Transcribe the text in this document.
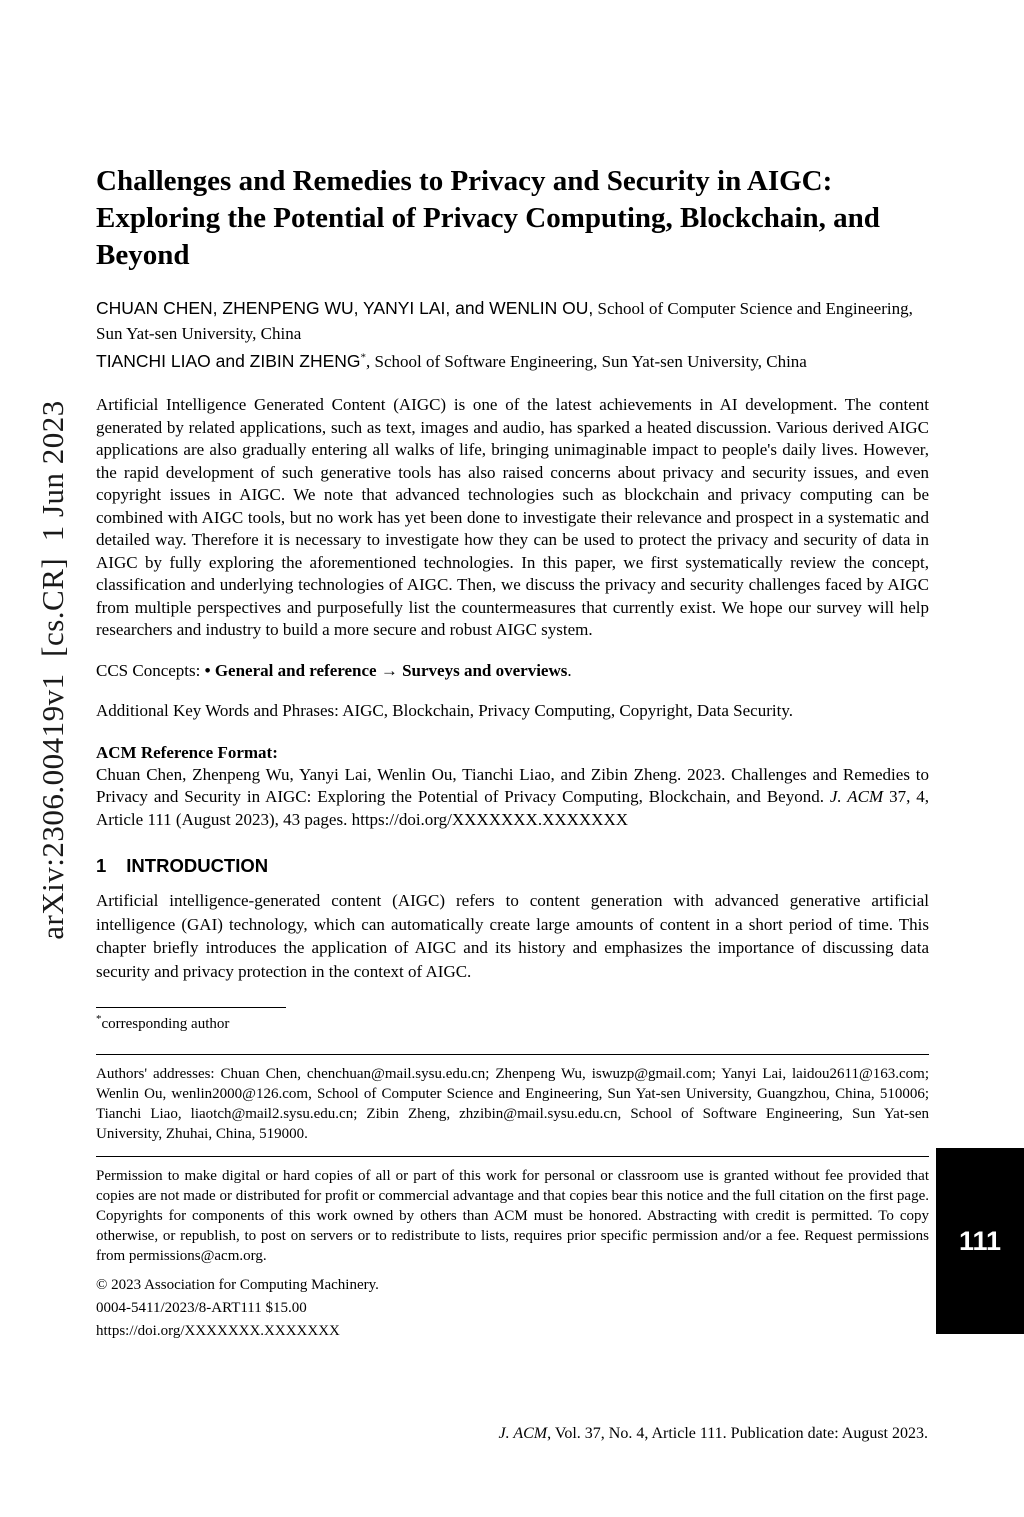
arXiv:2306.00419v1  [cs.CR]  1 Jun 2023
Challenges and Remedies to Privacy and Security in AIGC: Exploring the Potential of Privacy Computing, Blockchain, and Beyond

CHUAN CHEN, ZHENPENG WU, YANYI LAI, and WENLIN OU, School of Computer Science and Engineering, Sun Yat-sen University, China

TIANCHI LIAO and ZIBIN ZHENG*, School of Software Engineering, Sun Yat-sen University, China

Artificial Intelligence Generated Content (AIGC) is one of the latest achievements in AI development. The content generated by related applications, such as text, images and audio, has sparked a heated discussion. Various derived AIGC applications are also gradually entering all walks of life, bringing unimaginable impact to people's daily lives. However, the rapid development of such generative tools has also raised concerns about privacy and security issues, and even copyright issues in AIGC. We note that advanced technologies such as blockchain and privacy computing can be combined with AIGC tools, but no work has yet been done to investigate their relevance and prospect in a systematic and detailed way. Therefore it is necessary to investigate how they can be used to protect the privacy and security of data in AIGC by fully exploring the aforementioned technologies. In this paper, we first systematically review the concept, classification and underlying technologies of AIGC. Then, we discuss the privacy and security challenges faced by AIGC from multiple perspectives and purposefully list the countermeasures that currently exist. We hope our survey will help researchers and industry to build a more secure and robust AIGC system.

CCS Concepts: • General and reference → Surveys and overviews.

Additional Key Words and Phrases: AIGC, Blockchain, Privacy Computing, Copyright, Data Security.

ACM Reference Format:

Chuan Chen, Zhenpeng Wu, Yanyi Lai, Wenlin Ou, Tianchi Liao, and Zibin Zheng. 2023. Challenges and Remedies to Privacy and Security in AIGC: Exploring the Potential of Privacy Computing, Blockchain, and Beyond. J. ACM 37, 4, Article 111 (August 2023), 43 pages. https://doi.org/XXXXXXX.XXXXXXX

1 INTRODUCTION

Artificial intelligence-generated content (AIGC) refers to content generation with advanced generative artificial intelligence (GAI) technology, which can automatically create large amounts of content in a short period of time. This chapter briefly introduces the application of AIGC and its history and emphasizes the importance of discussing data security and privacy protection in the context of AIGC.

*corresponding author

Authors' addresses: Chuan Chen, chenchuan@mail.sysu.edu.cn; Zhenpeng Wu, iswuzp@gmail.com; Yanyi Lai, laidou2611@163.com; Wenlin Ou, wenlin2000@126.com, School of Computer Science and Engineering, Sun Yat-sen University, Guangzhou, China, 510006; Tianchi Liao, liaotch@mail2.sysu.edu.cn; Zibin Zheng, zhzibin@mail.sysu.edu.cn, School of Software Engineering, Sun Yat-sen University, Zhuhai, China, 519000.

Permission to make digital or hard copies of all or part of this work for personal or classroom use is granted without fee provided that copies are not made or distributed for profit or commercial advantage and that copies bear this notice and the full citation on the first page. Copyrights for components of this work owned by others than ACM must be honored. Abstracting with credit is permitted. To copy otherwise, or republish, to post on servers or to redistribute to lists, requires prior specific permission and/or a fee. Request permissions from permissions@acm.org.

© 2023 Association for Computing Machinery.

0004-5411/2023/8-ART111 $15.00

https://doi.org/XXXXXXX.XXXXXXX

J. ACM, Vol. 37, No. 4, Article 111. Publication date: August 2023.
111
